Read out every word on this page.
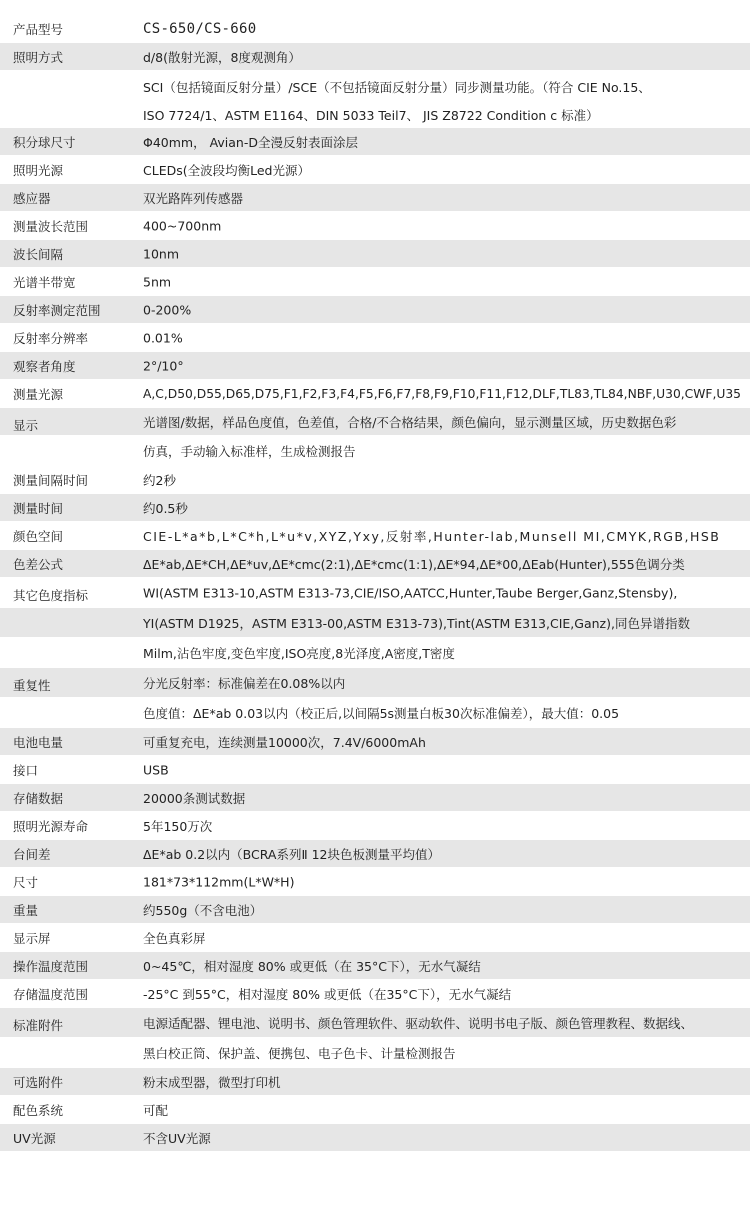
产品型号	CS-650/CS-660
照明方式	d/8(散射光源，8度观测角）
SCI（包括镜面反射分量）/SCE（不包括镜面反射分量）同步测量功能。（符合 CIE No.15、
ISO 7724/1、ASTM E1164、DIN 5033 Teil7、 JIS Z8722 Condition c 标准）
积分球尺寸	Φ40mm， Avian-D全漫反射表面涂层
照明光源	CLEDs(全波段均衡Led光源）
感应器	双光路阵列传感器
测量波长范围	400~700nm
波长间隔	10nm
光谱半带宽	5nm
反射率测定范围	0-200%
反射率分辨率	0.01%
观察者角度	2°/10°
测量光源	A,C,D50,D55,D65,D75,F1,F2,F3,F4,F5,F6,F7,F8,F9,F10,F11,F12,DLF,TL83,TL84,NBF,U30,CWF,U35
显示	光谱图/数据，样品色度值，色差值，合格/不合格结果，颜色偏向，显示测量区域，历史数据色彩
仿真，手动输入标准样，生成检测报告
测量间隔时间	约2秒
测量时间	约0.5秒
颜色空间	CIE-L*a*b,L*C*h,L*u*v,XYZ,Yxy,反射率,Hunter-lab,Munsell MI,CMYK,RGB,HSB
色差公式	ΔE*ab,ΔE*CH,ΔE*uv,ΔE*cmc(2:1),ΔE*cmc(1:1),ΔE*94,ΔE*00,ΔEab(Hunter),555色调分类
其它色度指标	WI(ASTM E313-10,ASTM E313-73,CIE/ISO,AATCC,Hunter,Taube Berger,Ganz,Stensby),
YI(ASTM D1925，ASTM E313-00,ASTM E313-73),Tint(ASTM E313,CIE,Ganz),同色异谱指数
Milm,沾色牢度,变色牢度,ISO亮度,8光泽度,A密度,T密度
重复性	分光反射率：标准偏差在0.08%以内
色度值：ΔE*ab 0.03以内（校正后,以间隔5s测量白板30次标准偏差），最大值：0.05
电池电量	可重复充电，连续测量10000次，7.4V/6000mAh
接口	USB
存储数据	20000条测试数据
照明光源寿命	5年150万次
台间差	ΔE*ab 0.2以内（BCRA系列Ⅱ 12块色板测量平均值）
尺寸	181*73*112mm(L*W*H)
重量	约550g（不含电池）
显示屏	全色真彩屏
操作温度范围	0~45℃，相对湿度 80% 或更低（在 35°C下），无水气凝结
存储温度范围	-25°C 到55°C，相对湿度 80% 或更低（在35°C下），无水气凝结
标准附件	电源适配器、锂电池、说明书、颜色管理软件、驱动软件、说明书电子版、颜色管理教程、数据线、
黑白校正筒、保护盖、便携包、电子色卡、计量检测报告
可选附件	粉末成型器，微型打印机
配色系统	可配
UV光源	不含UV光源
